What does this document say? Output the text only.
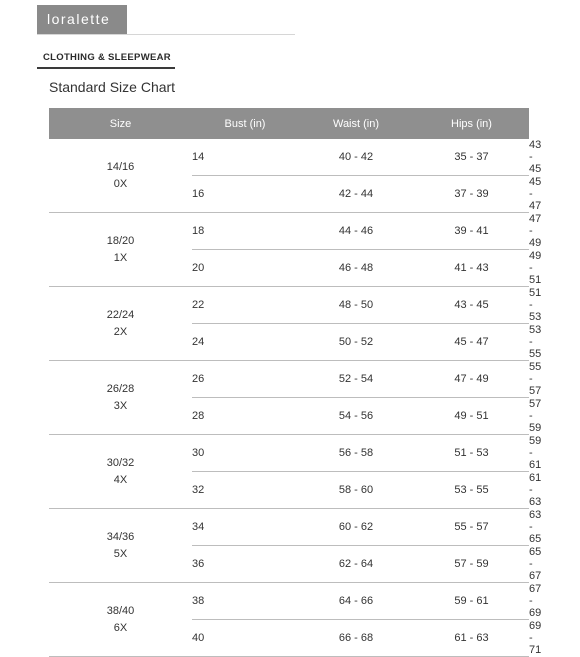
loralette
CLOTHING & SLEEPWEAR
Standard Size Chart
Size	Bust (in)	Waist (in)	Hips (in)	

14/16
0X	14	40 - 42	35 - 37	43 - 45
	16	42 - 44	37 - 39	45 - 47

18/20
1X	18	44 - 46	39 - 41	47 - 49
	20	46 - 48	41 - 43	49 - 51

22/24
2X	22	48 - 50	43 - 45	51 - 53
	24	50 - 52	45 - 47	53 - 55

26/28
3X	26	52 - 54	47 - 49	55 - 57
	28	54 - 56	49 - 51	57 - 59

30/32
4X	30	56 - 58	51 - 53	59 - 61
	32	58 - 60	53 - 55	61 - 63

34/36
5X	34	60 - 62	55 - 57	63 - 65
	36	62 - 64	57 - 59	65 - 67

38/40
6X	38	64 - 66	59 - 61	67 - 69
	40	66 - 68	61 - 63	69 - 71
